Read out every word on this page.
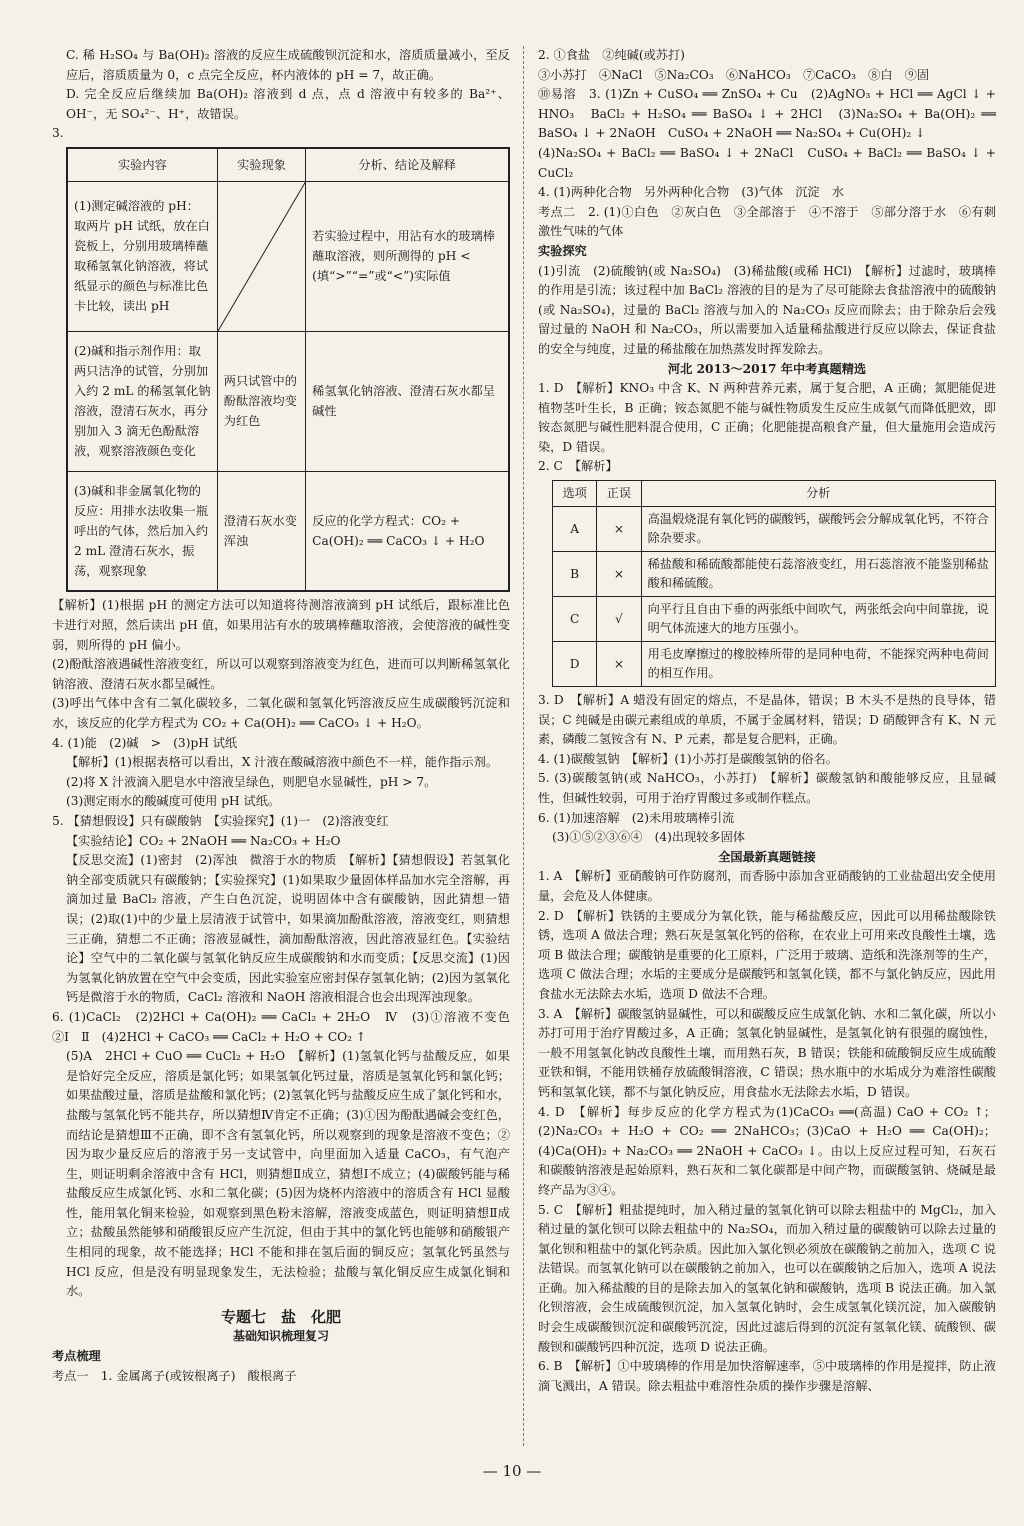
C. 稀 H₂SO₄ 与 Ba(OH)₂ 溶液的反应生成硫酸钡沉淀和水，溶质质量减小，至反应后，溶质质量为 0，c 点完全反应，杯内液体的 pH = 7，故正确。

D. 完全反应后继续加 Ba(OH)₂ 溶液到 d 点，点 d 溶液中有较多的 Ba²⁺、OH⁻，无 SO₄²⁻、H⁺，故错误。

3.

实验内容	实验现象	分析、结论及解释
(1)测定碱溶液的 pH：取两片 pH 试纸，放在白瓷板上，分别用玻璃棒蘸取稀氢氧化钠溶液，将试纸显示的颜色与标准比色卡比较，读出 pH		若实验过程中，用沾有水的玻璃棒蘸取溶液，则所测得的 pH < (填“>”“=”或“<”)实际值
(2)碱和指示剂作用：取两只洁净的试管，分别加入约 2 mL 的稀氢氧化钠溶液，澄清石灰水，再分别加入 3 滴无色酚酞溶液，观察溶液颜色变化	两只试管中的酚酞溶液均变为红色	稀氢氧化钠溶液、澄清石灰水都呈碱性
(3)碱和非金属氧化物的反应：用排水法收集一瓶呼出的气体，然后加入约 2 mL 澄清石灰水，振荡，观察现象	澄清石灰水变浑浊	反应的化学方程式：CO₂ + Ca(OH)₂ ══ CaCO₃ ↓ + H₂O

【解析】(1)根据 pH 的测定方法可以知道将待测溶液滴到 pH 试纸后，跟标准比色卡进行对照，然后读出 pH 值，如果用沾有水的玻璃棒蘸取溶液，会使溶液的碱性变弱，则所得的 pH 偏小。

(2)酚酞溶液遇碱性溶液变红，所以可以观察到溶液变为红色，进而可以判断稀氢氧化钠溶液、澄清石灰水都呈碱性。

(3)呼出气体中含有二氧化碳较多，二氧化碳和氢氧化钙溶液反应生成碳酸钙沉淀和水，该反应的化学方程式为 CO₂ + Ca(OH)₂ ══ CaCO₃ ↓ + H₂O。

4. (1)能　(2)碱　>　(3)pH 试纸

【解析】(1)根据表格可以看出，X 汁液在酸碱溶液中颜色不一样，能作指示剂。

(2)将 X 汁液滴入肥皂水中溶液呈绿色，则肥皂水显碱性，pH > 7。

(3)测定雨水的酸碱度可使用 pH 试纸。

5. 【猜想假设】只有碳酸钠　【实验探究】(1)一　(2)溶液变红

【实验结论】CO₂ + 2NaOH ══ Na₂CO₃ + H₂O

【反思交流】(1)密封　(2)浑浊　微溶于水的物质　【解析】【猜想假设】若氢氧化钠全部变质就只有碳酸钠；【实验探究】(1)如果取少量固体样品加水完全溶解，再滴加过量 BaCl₂ 溶液，产生白色沉淀，说明固体中含有碳酸钠，因此猜想一错误；(2)取(1)中的少量上层清液于试管中，如果滴加酚酞溶液，溶液变红，则猜想三正确，猜想二不正确；溶液显碱性，滴加酚酞溶液，因此溶液显红色。【实验结论】空气中的二氧化碳与氢氧化钠反应生成碳酸钠和水而变质；【反思交流】(1)因为氢氧化钠放置在空气中会变质，因此实验室应密封保存氢氧化钠；(2)因为氢氧化钙是微溶于水的物质，CaCl₂ 溶液和 NaOH 溶液相混合也会出现浑浊现象。

6. (1)CaCl₂　(2)2HCl + Ca(OH)₂ ══ CaCl₂ + 2H₂O　Ⅳ　(3)①溶液不变色　②Ⅰ　Ⅱ　(4)2HCl + CaCO₃ ══ CaCl₂ + H₂O + CO₂ ↑

(5)A　2HCl + CuO ══ CuCl₂ + H₂O　【解析】(1)氢氧化钙与盐酸反应，如果是恰好完全反应，溶质是氯化钙；如果氢氧化钙过量，溶质是氢氧化钙和氯化钙；如果盐酸过量，溶质是盐酸和氯化钙；(2)氢氧化钙与盐酸反应生成了氯化钙和水，盐酸与氢氧化钙不能共存，所以猜想Ⅳ肯定不正确；(3)①因为酚酞遇碱会变红色，而结论是猜想Ⅲ不正确，即不含有氢氧化钙，所以观察到的现象是溶液不变色；②因为取少量反应后的溶液于另一支试管中，向里面加入适量 CaCO₃，有气泡产生，则证明剩余溶液中含有 HCl，则猜想Ⅱ成立，猜想Ⅰ不成立；(4)碳酸钙能与稀盐酸反应生成氯化钙、水和二氧化碳；(5)因为烧杯内溶液中的溶质含有 HCl 显酸性，能用氧化铜来检验，如观察到黑色粉末溶解，溶液变成蓝色，则证明猜想Ⅱ成立；盐酸虽然能够和硝酸银反应产生沉淀，但由于其中的氯化钙也能够和硝酸银产生相同的现象，故不能选择；HCl 不能和排在氢后面的铜反应；氢氧化钙虽然与 HCl 反应，但是没有明显现象发生，无法检验；盐酸与氧化铜反应生成氯化铜和水。

专题七　盐　化肥

基础知识梳理复习

考点梳理

考点一　1. 金属离子(或铵根离子)　酸根离子

2. ①食盐　②纯碱(或苏打)

③小苏打　④NaCl　⑤Na₂CO₃　⑥NaHCO₃　⑦CaCO₃　⑧白　⑨固

⑩易溶　3. (1)Zn + CuSO₄ ══ ZnSO₄ + Cu　(2)AgNO₃ + HCl ══ AgCl ↓ + HNO₃　BaCl₂ + H₂SO₄ ══ BaSO₄ ↓ + 2HCl　(3)Na₂SO₄ + Ba(OH)₂ ══ BaSO₄ ↓ + 2NaOH　CuSO₄ + 2NaOH ══ Na₂SO₄ + Cu(OH)₂ ↓

(4)Na₂SO₄ + BaCl₂ ══ BaSO₄ ↓ + 2NaCl　CuSO₄ + BaCl₂ ══ BaSO₄ ↓ + CuCl₂

4. (1)两种化合物　另外两种化合物　(3)气体　沉淀　水

考点二　2. (1)①白色　②灰白色　③全部溶于　④不溶于　⑤部分溶于水　⑥有刺激性气味的气体

实验探究

(1)引流　(2)硫酸钠(或 Na₂SO₄)　(3)稀盐酸(或稀 HCl)　【解析】过滤时，玻璃棒的作用是引流；该过程中加 BaCl₂ 溶液的目的是为了尽可能除去食盐溶液中的硫酸钠(或 Na₂SO₄)，过量的 BaCl₂ 溶液与加入的 Na₂CO₃ 反应而除去；由于除杂后会残留过量的 NaOH 和 Na₂CO₃，所以需要加入适量稀盐酸进行反应以除去，保证食盐的安全与纯度，过量的稀盐酸在加热蒸发时挥发除去。

河北 2013～2017 年中考真题精选

1. D　【解析】KNO₃ 中含 K、N 两种营养元素，属于复合肥，A 正确；氮肥能促进植物茎叶生长，B 正确；铵态氮肥不能与碱性物质发生反应生成氨气而降低肥效，即铵态氮肥与碱性肥料混合使用，C 正确；化肥能提高粮食产量，但大量施用会造成污染，D 错误。

2. C　【解析】

选项	正误	分析
A	×	高温煅烧混有氧化钙的碳酸钙，碳酸钙会分解成氧化钙，不符合除杂要求。
B	×	稀盐酸和稀硫酸都能使石蕊溶液变红，用石蕊溶液不能鉴别稀盐酸和稀硫酸。
C	√	向平行且自由下垂的两张纸中间吹气，两张纸会向中间靠拢，说明气体流速大的地方压强小。
D	×	用毛皮摩擦过的橡胶棒所带的是同种电荷，不能探究两种电荷间的相互作用。

3. D　【解析】A 蜡没有固定的熔点，不是晶体，错误；B 木头不是热的良导体，错误；C 纯碱是由碳元素组成的单质，不属于金属材料，错误；D 硝酸钾含有 K、N 元素，磷酸二氢铵含有 N、P 元素，都是复合肥料，正确。

4. (1)碳酸氢钠　【解析】(1)小苏打是碳酸氢钠的俗名。

5. (3)碳酸氢钠(或 NaHCO₃，小苏打)　【解析】碳酸氢钠和酸能够反应，且显碱性，但碱性较弱，可用于治疗胃酸过多或制作糕点。

6. (1)加速溶解　(2)未用玻璃棒引流

(3)①⑤②③⑥④　(4)出现较多固体

全国最新真题链接

1. A　【解析】亚硝酸钠可作防腐剂，而香肠中添加含亚硝酸钠的工业盐超出安全使用量，会危及人体健康。

2. D　【解析】铁锈的主要成分为氧化铁，能与稀盐酸反应，因此可以用稀盐酸除铁锈，选项 A 做法合理；熟石灰是氢氧化钙的俗称，在农业上可用来改良酸性土壤，选项 B 做法合理；碳酸钠是重要的化工原料，广泛用于玻璃、造纸和洗涤剂等的生产，选项 C 做法合理；水垢的主要成分是碳酸钙和氢氧化镁，都不与氯化钠反应，因此用食盐水无法除去水垢，选项 D 做法不合理。

3. A　【解析】碳酸氢钠显碱性，可以和碳酸反应生成氯化钠、水和二氧化碳，所以小苏打可用于治疗胃酸过多，A 正确；氢氧化钠显碱性，是氢氧化钠有很强的腐蚀性，一般不用氢氧化钠改良酸性土壤，而用熟石灰，B 错误；铁能和硫酸铜反应生成硫酸亚铁和铜，不能用铁桶存放硫酸铜溶液，C 错误；热水瓶中的水垢成分为难溶性碳酸钙和氢氧化镁，都不与氯化钠反应，用食盐水无法除去水垢，D 错误。

4. D　【解析】每步反应的化学方程式为(1)CaCO₃ ══(高温) CaO + CO₂ ↑；(2)Na₂CO₃ + H₂O + CO₂ ══ 2NaHCO₃；(3)CaO + H₂O ══ Ca(OH)₂；(4)Ca(OH)₂ + Na₂CO₃ ══ 2NaOH + CaCO₃ ↓。由以上反应过程可知，石灰石和碳酸钠溶液是起始原料，熟石灰和二氧化碳都是中间产物，而碳酸氢钠、烧碱是最终产品为③④。

5. C　【解析】粗盐提纯时，加入稍过量的氢氧化钠可以除去粗盐中的 MgCl₂，加入稍过量的氯化钡可以除去粗盐中的 Na₂SO₄，而加入稍过量的碳酸钠可以除去过量的氯化钡和粗盐中的氯化钙杂质。因此加入氯化钡必须放在碳酸钠之前加入，选项 C 说法错误。而氢氧化钠可以在碳酸钠之前加入，也可以在碳酸钠之后加入，选项 A 说法正确。加入稀盐酸的目的是除去加入的氢氧化钠和碳酸钠，选项 B 说法正确。加入氯化钡溶液，会生成硫酸钡沉淀，加入氢氧化钠时，会生成氢氧化镁沉淀，加入碳酸钠时会生成碳酸钡沉淀和碳酸钙沉淀，因此过滤后得到的沉淀有氢氧化镁、硫酸钡、碳酸钡和碳酸钙四种沉淀，选项 D 说法正确。

6. B　【解析】①中玻璃棒的作用是加快溶解速率，⑤中玻璃棒的作用是搅拌，防止液滴飞溅出，A 错误。除去粗盐中难溶性杂质的操作步骤是溶解、

— 10 —
